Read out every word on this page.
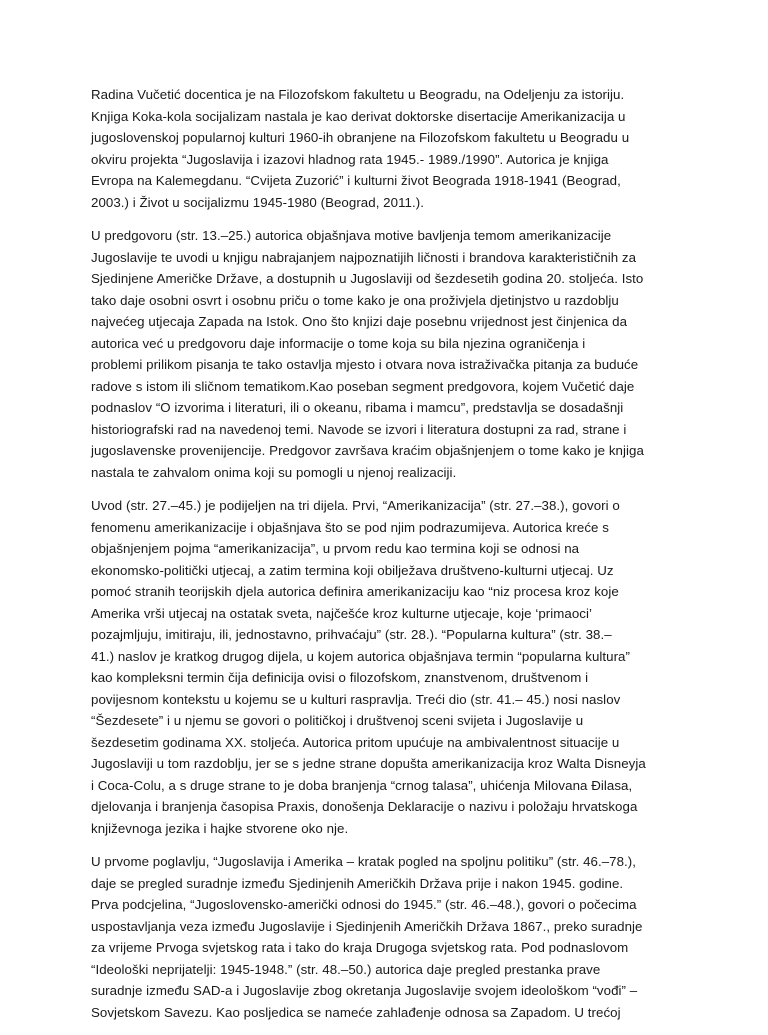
Radina Vučetić docentica je na Filozofskom fakultetu u Beogradu, na Odeljenju za istoriju.
Knjiga Koka-kola socijalizam nastala je kao derivat doktorske disertacije Amerikanizacija u
jugoslovenskoj popularnoj kulturi 1960-ih obranjene na Filozofskom fakultetu u Beogradu u
okviru projekta “Jugoslavija i izazovi hladnog rata 1945.- 1989./1990”. Autorica je knjiga
Evropa na Kalemegdanu. “Cvijeta Zuzorić” i kulturni život Beograda 1918-1941 (Beograd,
2003.) i Život u socijalizmu 1945-1980 (Beograd, 2011.).
U predgovoru (str. 13.–25.) autorica objašnjava motive bavljenja temom amerikanizacije
Jugoslavije te uvodi u knjigu nabrajanjem najpoznatijih ličnosti i brandova karakterističnih za
Sjedinjene Američke Države, a dostupnih u Jugoslaviji od šezdesetih godina 20. stoljeća. Isto
tako daje osobni osvrt i osobnu priču o tome kako je ona proživjela djetinjstvo u razdoblju
najvećeg utjecaja Zapada na Istok. Ono što knjizi daje posebnu vrijednost jest činjenica da
autorica već u predgovoru daje informacije o tome koja su bila njezina ograničenja i
problemi prilikom pisanja te tako ostavlja mjesto i otvara nova istraživačka pitanja za buduće
radove s istom ili sličnom tematikom.Kao poseban segment predgovora, kojem Vučetić daje
podnaslov “O izvorima i literaturi, ili o okeanu, ribama i mamcu”, predstavlja se dosadašnji
historiografski rad na navedenoj temi. Navode se izvori i literatura dostupni za rad, strane i
jugoslavenske provenijencije. Predgovor završava kraćim objašnjenjem o tome kako je knjiga
nastala te zahvalom onima koji su pomogli u njenoj realizaciji.
Uvod (str. 27.–45.) je podijeljen na tri dijela. Prvi, “Amerikanizacija” (str. 27.–38.), govori o
fenomenu amerikanizacije i objašnjava što se pod njim podrazumijeva. Autorica kreće s
objašnjenjem pojma “amerikanizacija”, u prvom redu kao termina koji se odnosi na
ekonomsko-politički utjecaj, a zatim termina koji obilježava društveno-kulturni utjecaj. Uz
pomoć stranih teorijskih djela autorica definira amerikanizaciju kao “niz procesa kroz koje
Amerika vrši utjecaj na ostatak sveta, najčešće kroz kulturne utjecaje, koje ‘primaoci’
pozajmljuju, imitiraju, ili, jednostavno, prihvaćaju” (str. 28.). “Popularna kultura” (str. 38.–
41.) naslov je kratkog drugog dijela, u kojem autorica objašnjava termin “popularna kultura”
kao kompleksni termin čija definicija ovisi o filozofskom, znanstvenom, društvenom i
povijesnom kontekstu u kojemu se u kulturi raspravlja. Treći dio (str. 41.– 45.) nosi naslov
“Šezdesete” i u njemu se govori o političkoj i društvenoj sceni svijeta i Jugoslavije u
šezdesetim godinama XX. stoljeća. Autorica pritom upućuje na ambivalentnost situacije u
Jugoslaviji u tom razdoblju, jer se s jedne strane dopušta amerikanizacija kroz Walta Disneyja
i Coca-Colu, a s druge strane to je doba branjenja “crnog talasa”, uhićenja Milovana Đilasa,
djelovanja i branjenja časopisa Praxis, donošenja Deklaracije o nazivu i položaju hrvatskoga
književnoga jezika i hajke stvorene oko nje.
U prvome poglavlju, “Jugoslavija i Amerika – kratak pogled na spoljnu politiku” (str. 46.–78.),
daje se pregled suradnje između Sjedinjenih Američkih Država prije i nakon 1945. godine.
Prva podcjelina, “Jugoslovensko-američki odnosi do 1945.” (str. 46.–48.), govori o počecima
uspostavljanja veza između Jugoslavije i Sjedinjenih Američkih Država 1867., preko suradnje
za vrijeme Prvoga svjetskog rata i tako do kraja Drugoga svjetskog rata. Pod podnaslovom
“Ideološki neprijatelji: 1945-1948.” (str. 48.–50.) autorica daje pregled prestanka prave
suradnje između SAD-a i Jugoslavije zbog okretanja Jugoslavije svojem ideološkom “vođi” –
Sovjetskom Savezu. Kao posljedica se nameće zahlađenje odnosa sa Zapadom. U trećoj
